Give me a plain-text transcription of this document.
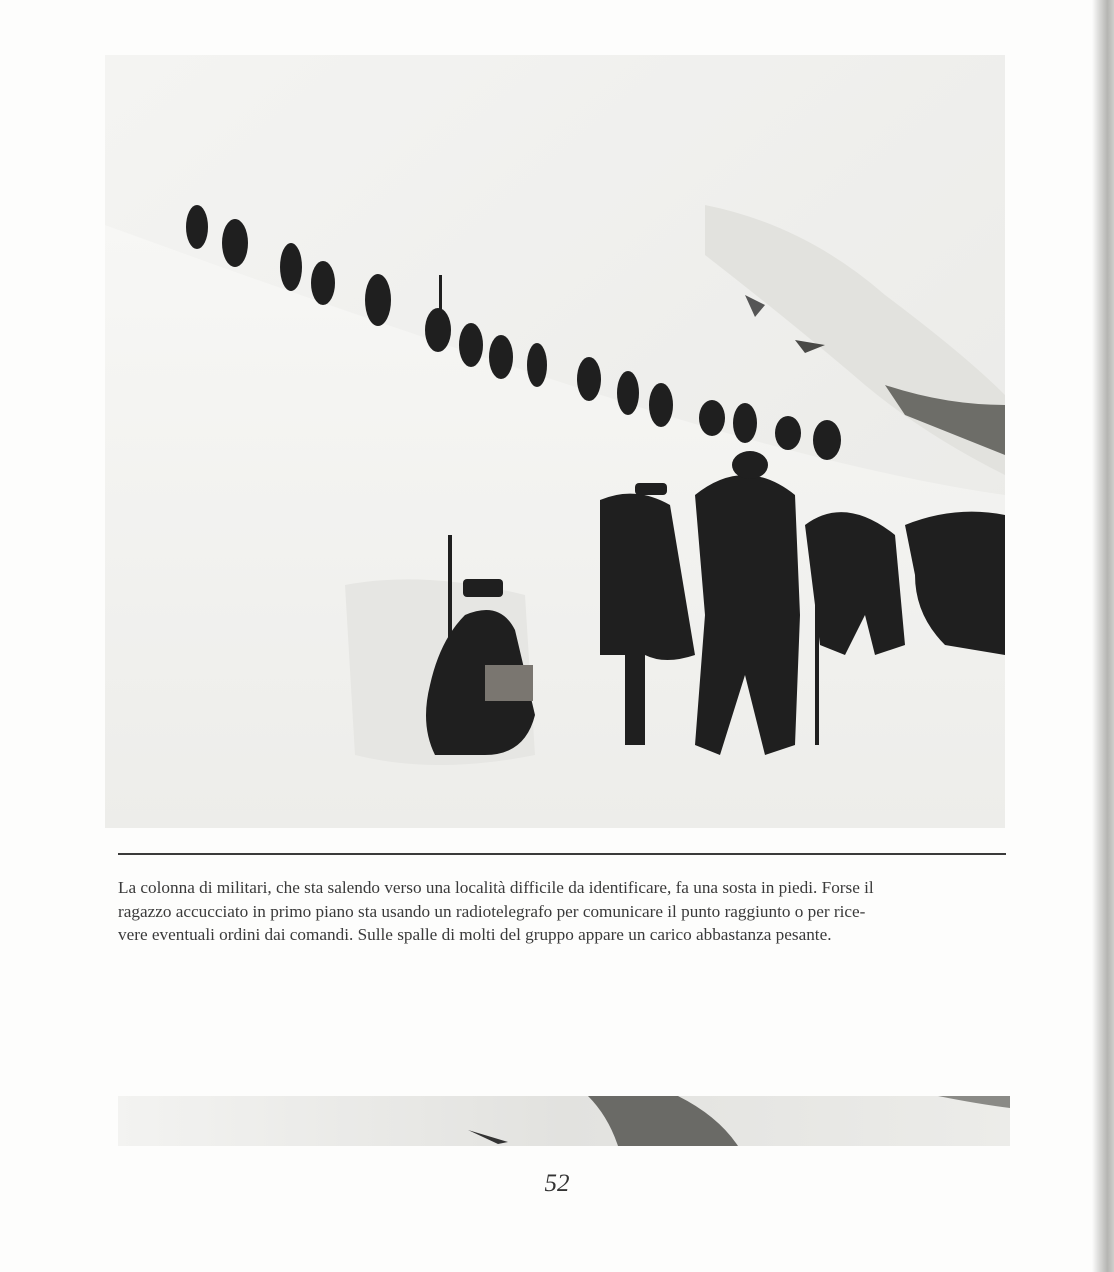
La colonna di militari, che sta salendo verso una località difficile da identificare, fa una sosta in piedi. Forse il
ragazzo accucciato in primo piano sta usando un radiotelegrafo per comunicare il punto raggiunto o per rice-
vere eventuali ordini dai comandi. Sulle spalle di molti del gruppo appare un carico abbastanza pesante.

52
